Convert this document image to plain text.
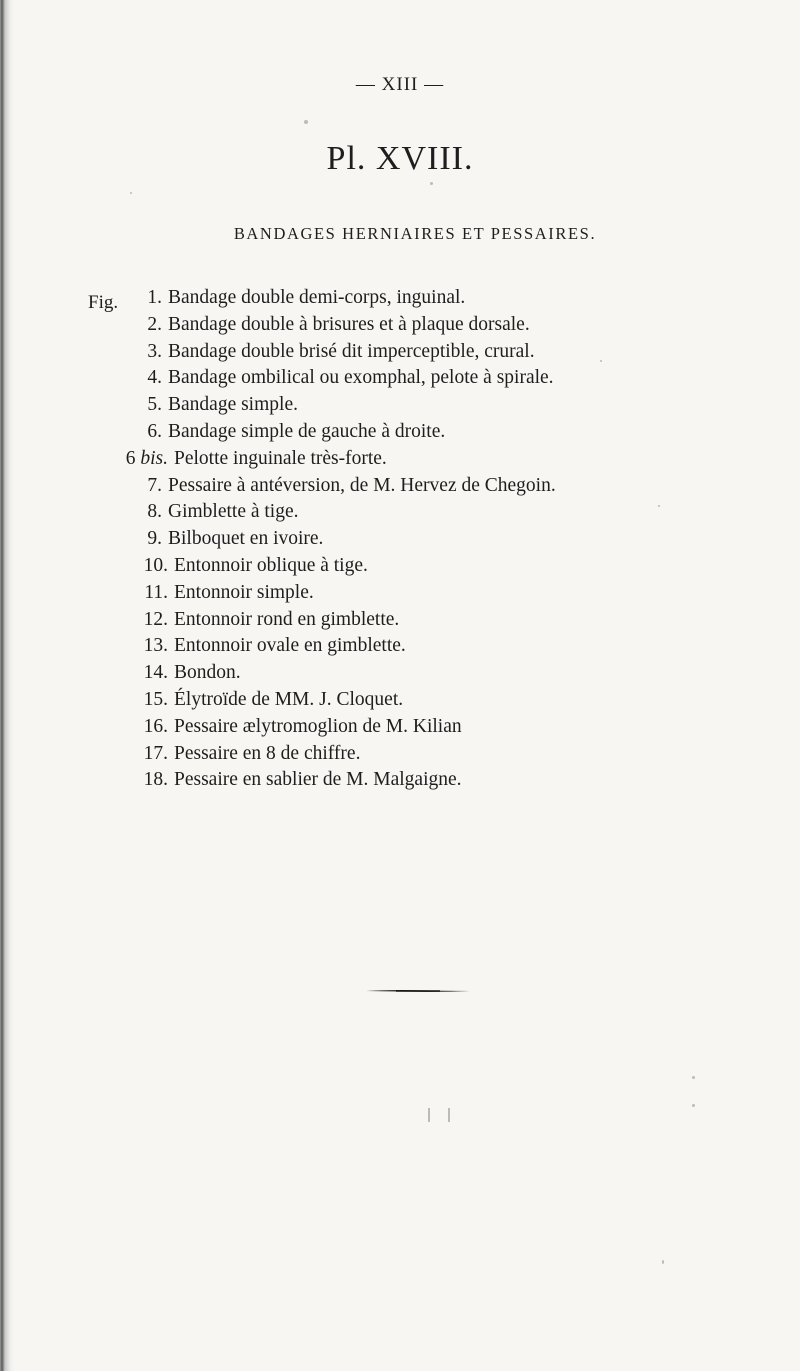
— XIII —
Pl. XVIII.
BANDAGES HERNIAIRES ET PESSAIRES.
Fig.	1. Bandage double demi-corps, inguinal.
2. Bandage double à brisures et à plaque dorsale.
3. Bandage double brisé dit imperceptible, crural.
4. Bandage ombilical ou exomphal, pelote à spirale.
5. Bandage simple.
6. Bandage simple de gauche à droite.
6 bis. Pelotte inguinale très-forte.
7. Pessaire à antéversion, de M. Hervez de Chegoin.
8. Gimblette à tige.
9. Bilboquet en ivoire.
10. Entonnoir oblique à tige.
11. Entonnoir simple.
12. Entonnoir rond en gimblette.
13. Entonnoir ovale en gimblette.
14. Bondon.
15. Élytroïde de MM. J. Cloquet.
16. Pessaire ælytromoglion de M. Kilian
17. Pessaire en 8 de chiffre.
18. Pessaire en sablier de M. Malgaigne.
